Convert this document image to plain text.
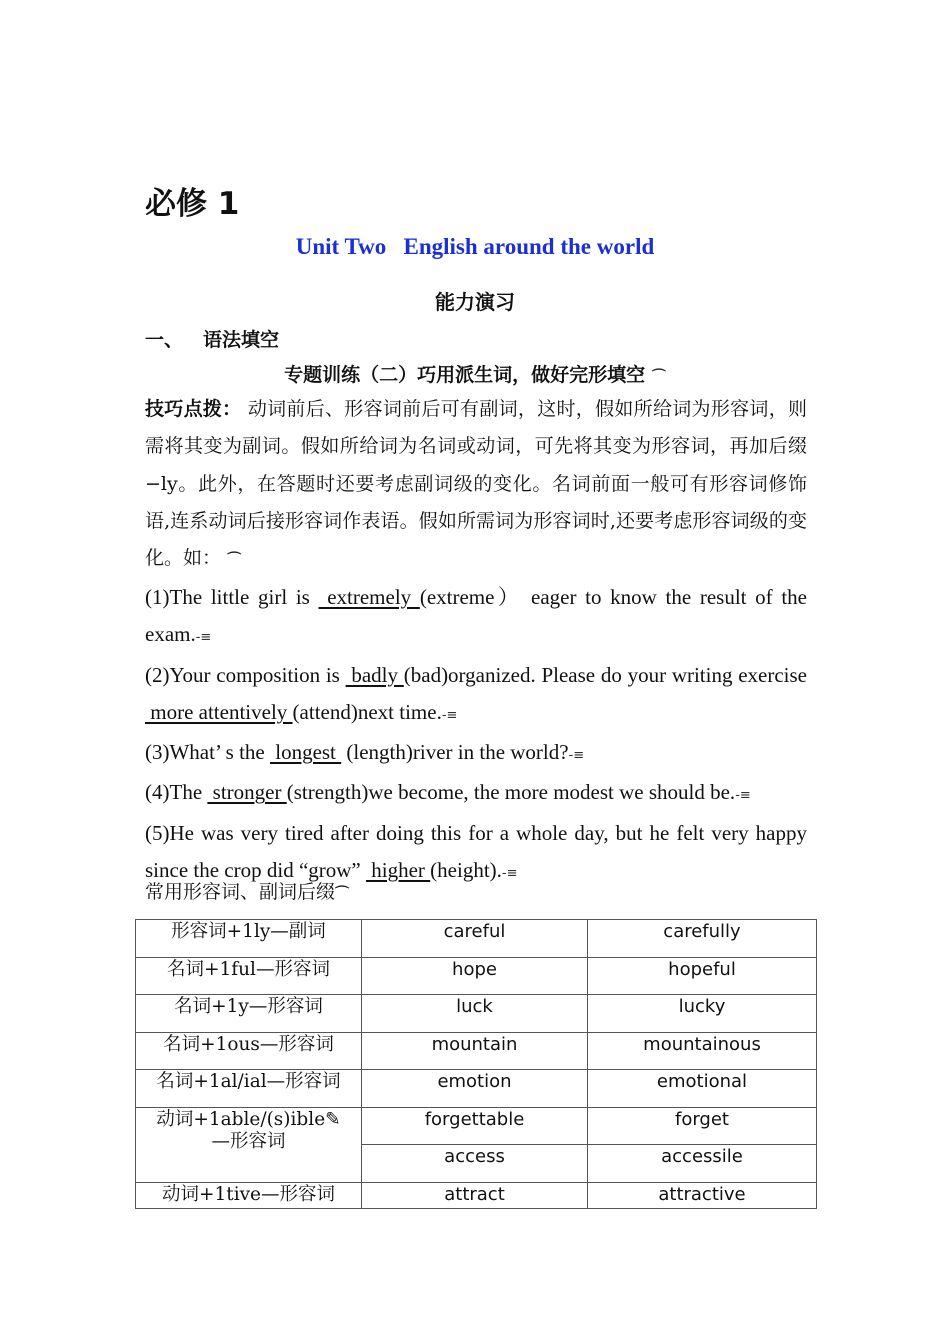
必修 1
Unit Two   English around the world
能力演习
一、 语法填空
专题训练（二）巧用派生词，做好完形填空 ⌒
技巧点拨： 动词前后、形容词前后可有副词，这时，假如所给词为形容词，则需将其变为副词。假如所给词为名词或动词，可先将其变为形容词，再加后缀−ly。此外，在答题时还要考虑副词级的变化。名词前面一般可有形容词修饰语,连系动词后接形容词作表语。假如所需词为形容词时,还要考虑形容词级的变化。如： ⌒

(1)The little girl is  extremely (extreme） eager to know the result of the exam.-≡

(2)Your composition is  badly (bad)organized. Please do your writing exercise  more attentively (attend)next time.-≡

(3)What’ s the  longest  (length)river in the world?-≡

(4)The  stronger (strength)we become, the more modest we should be.-≡

(5)He was very tired after doing this for a whole day, but he felt very happy since the crop did “grow”  higher (height).-≡

常用形容词、副词后缀⌒
形容词+1ly—副词	careful	carefully
名词+1ful—形容词	hope	hopeful
名词+1y—形容词	luck	lucky
名词+1ous—形容词	mountain	mountainous
名词+1al/ial—形容词	emotion	emotional
动词+1able/(s)ible✎
—形容词	forgettable	forget
	access	accessile
动词+1tive—形容词	attract	attractive
